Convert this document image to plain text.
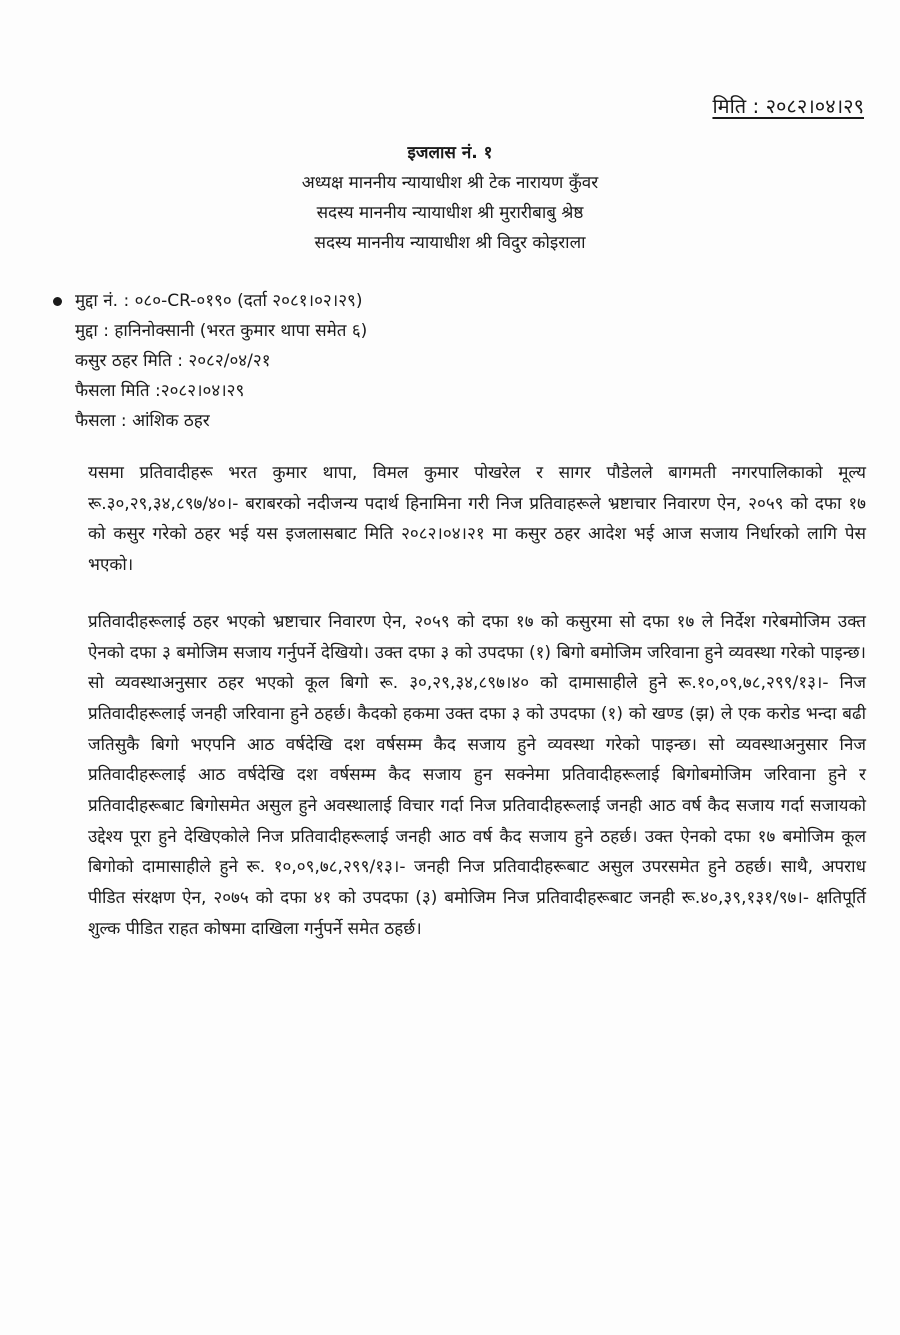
मिति : २०८२।०४।२९
इजलास नं. १
अध्यक्ष माननीय न्यायाधीश श्री टेक नारायण कुँवर
सदस्य माननीय न्यायाधीश श्री मुरारीबाबु श्रेष्ठ
सदस्य माननीय न्यायाधीश श्री विदुर कोइराला
मुद्दा नं. : ०८०-CR-०१९० (दर्ता २०८१।०२।२९)
मुद्दा : हानिनोक्सानी (भरत कुमार थापा समेत ६)
कसुर ठहर मिति : २०८२/०४/२१
फैसला मिति :२०८२।०४।२९
फैसला : आंशिक ठहर

यसमा प्रतिवादीहरू भरत कुमार थापा, विमल कुमार पोखरेल र सागर पौडेलले बागमती नगरपालिकाको मूल्य रू.३०,२९,३४,८९७/४०।- बराबरको नदीजन्य पदार्थ हिनामिना गरी निज प्रतिवाहरूले भ्रष्टाचार निवारण ऐन, २०५९ को दफा १७ को कसुर गरेको ठहर भई यस इजलासबाट मिति २०८२।०४।२१ मा कसुर ठहर आदेश भई आज सजाय निर्धारको लागि पेस भएको।

प्रतिवादीहरूलाई ठहर भएको भ्रष्टाचार निवारण ऐन, २०५९ को दफा १७ को कसुरमा सो दफा १७ ले निर्देश गरेबमोजिम उक्त ऐनको दफा ३ बमोजिम सजाय गर्नुपर्ने देखियो। उक्त दफा ३ को उपदफा (१) बिगो बमोजिम जरिवाना हुने व्यवस्था गरेको पाइन्छ। सो व्यवस्थाअनुसार ठहर भएको कूल बिगो रू. ३०,२९,३४,८९७।४० को दामासाहीले हुने रू.१०,०९,७८,२९९/१३।- निज प्रतिवादीहरूलाई जनही जरिवाना हुने ठहर्छ। कैदको हकमा उक्त दफा ३ को उपदफा (१) को खण्ड (झ) ले एक करोड भन्दा बढी जतिसुकै बिगो भएपनि आठ वर्षदेखि दश वर्षसम्म कैद सजाय हुने व्यवस्था गरेको पाइन्छ। सो व्यवस्थाअनुसार निज प्रतिवादीहरूलाई आठ वर्षदेखि दश वर्षसम्म कैद सजाय हुन सक्नेमा प्रतिवादीहरूलाई बिगोबमोजिम जरिवाना हुने र प्रतिवादीहरूबाट बिगोसमेत असुल हुने अवस्थालाई विचार गर्दा निज प्रतिवादीहरूलाई जनही आठ वर्ष कैद सजाय गर्दा सजायको उद्देश्य पूरा हुने देखिएकोले निज प्रतिवादीहरूलाई जनही आठ वर्ष कैद सजाय हुने ठहर्छ। उक्त ऐनको दफा १७ बमोजिम कूल बिगोको दामासाहीले हुने रू. १०,०९,७८,२९९/१३।- जनही निज प्रतिवादीहरूबाट असुल उपरसमेत हुने ठहर्छ। साथै, अपराध पीडित संरक्षण ऐन, २०७५ को दफा ४१ को उपदफा (३) बमोजिम निज प्रतिवादीहरूबाट जनही रू.४०,३९,१३१/९७।- क्षतिपूर्ति शुल्क पीडित राहत कोषमा दाखिला गर्नुपर्ने समेत ठहर्छ।
